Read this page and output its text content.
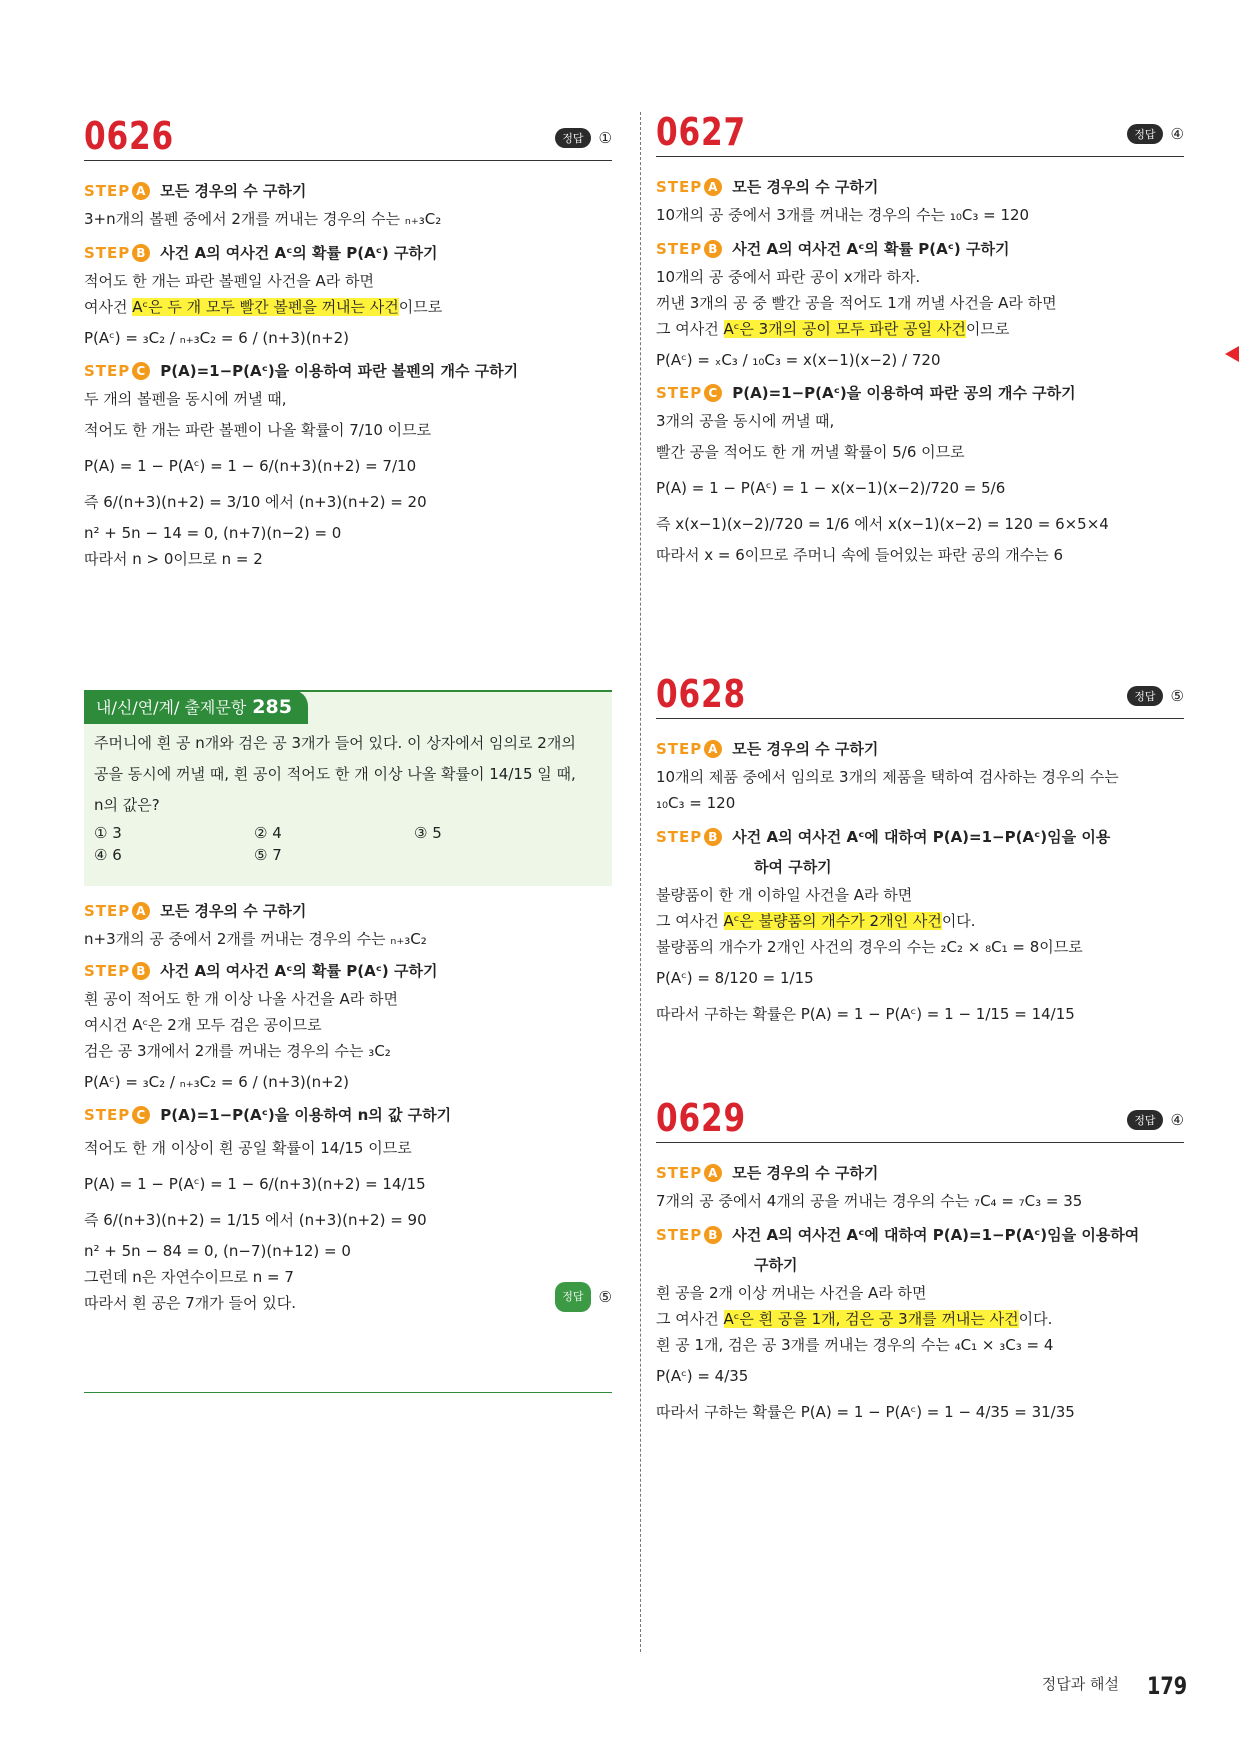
0626	정답	①
STEP A 모든 경우의 수 구하기
3+n개의 볼펜 중에서 2개를 꺼내는 경우의 수는 ₙ₊₃C₂
STEP B 사건 A의 여사건 Aᶜ의 확률 P(Aᶜ) 구하기
적어도 한 개는 파란 볼펜일 사건을 A라 하면
여사건 Aᶜ은 두 개 모두 빨간 볼펜을 꺼내는 사건이므로
P(Aᶜ) = ₃C₂ / ₙ₊₃C₂ = 6 / (n+3)(n+2)
STEP C P(A)=1−P(Aᶜ)을 이용하여 파란 볼펜의 개수 구하기
두 개의 볼펜을 동시에 꺼낼 때,
적어도 한 개는 파란 볼펜이 나올 확률이 7/10 이므로
P(A) = 1 − P(Aᶜ) = 1 − 6/(n+3)(n+2) = 7/10
즉 6/(n+3)(n+2) = 3/10 에서 (n+3)(n+2) = 20
n² + 5n − 14 = 0, (n+7)(n−2) = 0
따라서 n > 0이므로 n = 2
내/신/연/계/ 출제문항 285
주머니에 흰 공 n개와 검은 공 3개가 들어 있다. 이 상자에서 임의로 2개의
공을 동시에 꺼낼 때, 흰 공이 적어도 한 개 이상 나올 확률이 14/15 일 때,
n의 값은?
① 3	② 4	③ 5
④ 6	⑤ 7
STEP A 모든 경우의 수 구하기
n+3개의 공 중에서 2개를 꺼내는 경우의 수는 ₙ₊₃C₂
STEP B 사건 A의 여사건 Aᶜ의 확률 P(Aᶜ) 구하기
흰 공이 적어도 한 개 이상 나올 사건을 A라 하면
여시건 Aᶜ은 2개 모두 검은 공이므로
검은 공 3개에서 2개를 꺼내는 경우의 수는 ₃C₂
P(Aᶜ) = ₃C₂ / ₙ₊₃C₂ = 6 / (n+3)(n+2)
STEP C P(A)=1−P(Aᶜ)을 이용하여 n의 값 구하기
적어도 한 개 이상이 흰 공일 확률이 14/15 이므로
P(A) = 1 − P(Aᶜ) = 1 − 6/(n+3)(n+2) = 14/15
즉 6/(n+3)(n+2) = 1/15 에서 (n+3)(n+2) = 90
n² + 5n − 84 = 0, (n−7)(n+12) = 0
그런데 n은 자연수이므로 n = 7
따라서 흰 공은 7개가 들어 있다.	정답	⑤
0627	정답	④
STEP A 모든 경우의 수 구하기
10개의 공 중에서 3개를 꺼내는 경우의 수는 ₁₀C₃ = 120
STEP B 사건 A의 여사건 Aᶜ의 확률 P(Aᶜ) 구하기
10개의 공 중에서 파란 공이 x개라 하자.
꺼낸 3개의 공 중 빨간 공을 적어도 1개 꺼낼 사건을 A라 하면
그 여사건 Aᶜ은 3개의 공이 모두 파란 공일 사건이므로
P(Aᶜ) = ₓC₃ / ₁₀C₃ = x(x−1)(x−2) / 720
STEP C P(A)=1−P(Aᶜ)을 이용하여 파란 공의 개수 구하기
3개의 공을 동시에 꺼낼 때,
빨간 공을 적어도 한 개 꺼낼 확률이 5/6 이므로
P(A) = 1 − P(Aᶜ) = 1 − x(x−1)(x−2)/720 = 5/6
즉 x(x−1)(x−2)/720 = 1/6 에서 x(x−1)(x−2) = 120 = 6×5×4
따라서 x = 6이므로 주머니 속에 들어있는 파란 공의 개수는 6
0628	정답	⑤
STEP A 모든 경우의 수 구하기
10개의 제품 중에서 임의로 3개의 제품을 택하여 검사하는 경우의 수는
₁₀C₃ = 120
STEP B 사건 A의 여사건 Aᶜ에 대하여 P(A)=1−P(Aᶜ)임을 이용
하여 구하기
불량품이 한 개 이하일 사건을 A라 하면
그 여사건 Aᶜ은 불량품의 개수가 2개인 사건이다.
불량품의 개수가 2개인 사건의 경우의 수는 ₂C₂ × ₈C₁ = 8이므로
P(Aᶜ) = 8/120 = 1/15
따라서 구하는 확률은 P(A) = 1 − P(Aᶜ) = 1 − 1/15 = 14/15
0629	정답	④
STEP A 모든 경우의 수 구하기
7개의 공 중에서 4개의 공을 꺼내는 경우의 수는 ₇C₄ = ₇C₃ = 35
STEP B 사건 A의 여사건 Aᶜ에 대하여 P(A)=1−P(Aᶜ)임을 이용하여
구하기
흰 공을 2개 이상 꺼내는 사건을 A라 하면
그 여사건 Aᶜ은 흰 공을 1개, 검은 공 3개를 꺼내는 사건이다.
흰 공 1개, 검은 공 3개를 꺼내는 경우의 수는 ₄C₁ × ₃C₃ = 4
P(Aᶜ) = 4/35
따라서 구하는 확률은 P(A) = 1 − P(Aᶜ) = 1 − 4/35 = 31/35
정답과 해설 179
